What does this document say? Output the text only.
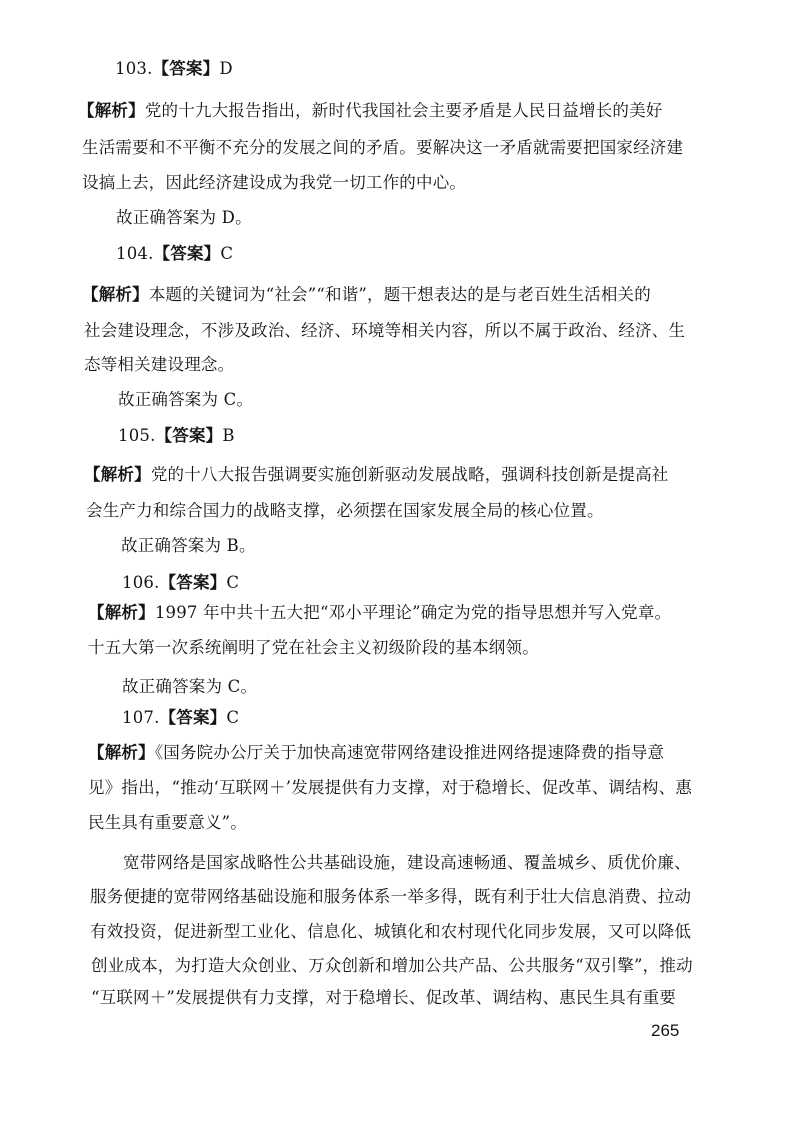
103.【答案】D
【解析】党的十九大报告指出，新时代我国社会主要矛盾是人民日益增长的美好
生活需要和不平衡不充分的发展之间的矛盾。要解决这一矛盾就需要把国家经济建
设搞上去，因此经济建设成为我党一切工作的中心。
故正确答案为 D。
104.【答案】C
【解析】本题的关键词为“社会”“和谐”，题干想表达的是与老百姓生活相关的
社会建设理念，不涉及政治、经济、环境等相关内容，所以不属于政治、经济、生
态等相关建设理念。
故正确答案为 C。
105.【答案】B
【解析】党的十八大报告强调要实施创新驱动发展战略，强调科技创新是提高社
会生产力和综合国力的战略支撑，必须摆在国家发展全局的核心位置。
故正确答案为 B。
106.【答案】C
【解析】1997 年中共十五大把“邓小平理论”确定为党的指导思想并写入党章。
十五大第一次系统阐明了党在社会主义初级阶段的基本纲领。
故正确答案为 C。
107.【答案】C
【解析】《国务院办公厅关于加快高速宽带网络建设推进网络提速降费的指导意
见》指出，“推动‘互联网＋’发展提供有力支撑，对于稳增长、促改革、调结构、惠
民生具有重要意义”。
宽带网络是国家战略性公共基础设施，建设高速畅通、覆盖城乡、质优价廉、
服务便捷的宽带网络基础设施和服务体系一举多得，既有利于壮大信息消费、拉动
有效投资，促进新型工业化、信息化、城镇化和农村现代化同步发展，又可以降低
创业成本，为打造大众创业、万众创新和增加公共产品、公共服务“双引擎”，推动
“互联网＋”发展提供有力支撑，对于稳增长、促改革、调结构、惠民生具有重要
265
